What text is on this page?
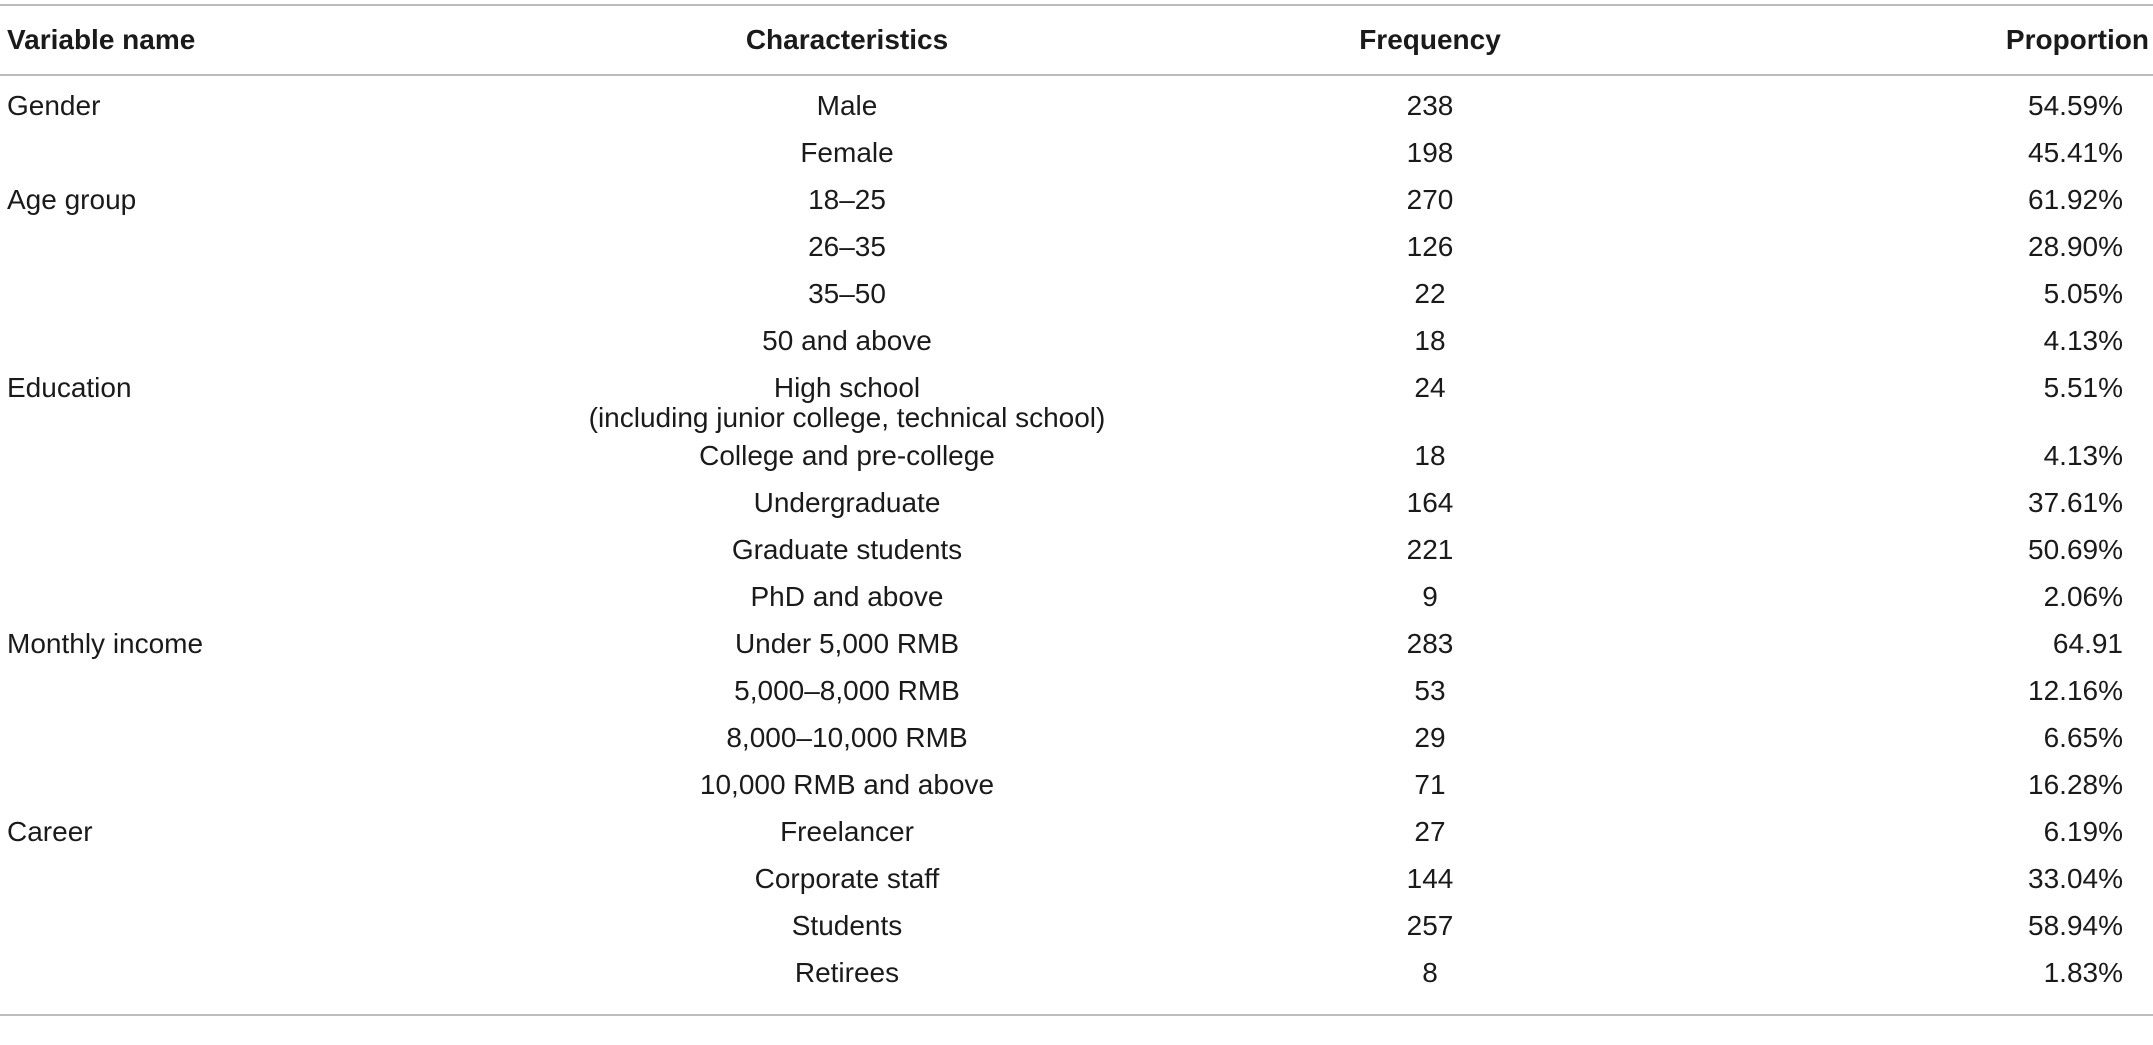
Variable name	Characteristics	Frequency	Proportion
Gender	Male	238	54.59%

	Female	198	45.41%
Age group	18–25	270	61.92%

	26–35	126	28.90%

	35–50	22	5.05%

	50 and above	18	4.13%
Education	High school
(including junior college, technical school)	24	5.51%

	College and pre-college	18	4.13%

	Undergraduate	164	37.61%

	Graduate students	221	50.69%

	PhD and above	9	2.06%
Monthly income	Under 5,000 RMB	283	64.91

	5,000–8,000 RMB	53	12.16%

	8,000–10,000 RMB	29	6.65%

	10,000 RMB and above	71	16.28%
Career	Freelancer	27	6.19%

	Corporate staff	144	33.04%

	Students	257	58.94%

	Retirees	8	1.83%
